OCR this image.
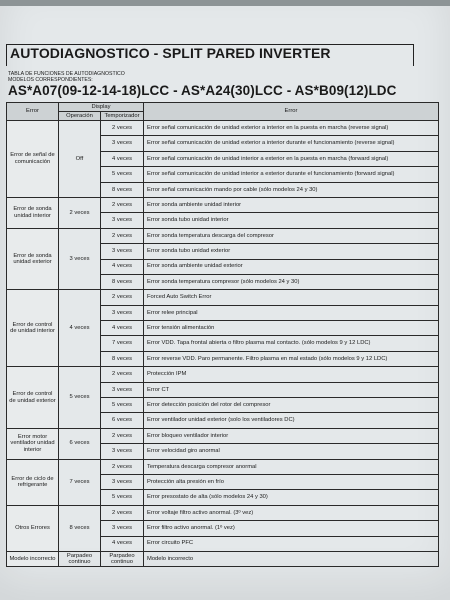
AUTODIAGNOSTICO - SPLIT PARED INVERTER
TABLA DE FUNCIONES DE AUTODIAGNOSTICO
MODELOS CORRESPONDIENTES:
AS*A07(09-12-14-18)LCC - AS*A24(30)LCC - AS*B09(12)LDC
Error	Display		Error
	Operación	Temporizador	
Error de señal de comunicación	Off	2 veces	Error señal comunicación de unidad exterior a interior en la puesta en marcha (reverse signal)
		3 veces	Error señal comunicación de unidad exterior a interior durante el funcionamiento (reverse signal)
		4 veces	Error señal comunicación de unidad interior a exterior en la puesta en marcha (forward signal)
		5 veces	Error señal comunicación de unidad interior a exterior durante el funcionamiento (forward signal)
		8 veces	Error señal comunicación mando por cable (sólo modelos 24 y 30)
Error de sonda unidad interior	2 veces	2 veces	Error sonda ambiente unidad interior
		3 veces	Error sonda tubo unidad interior
Error de sonda unidad exterior	3 veces	2 veces	Error sonda temperatura descarga del compresor
		3 veces	Error sonda tubo unidad exterior
		4 veces	Error sonda ambiente unidad exterior
		8 veces	Error sonda temperatura compresor (sólo modelos 24 y 30)
Error de control de unidad interior	4 veces	2 veces	Forced Auto Switch Error
		3 veces	Error relee principal
		4 veces	Error tensión alimentación
		7 veces	Error VDD. Tapa frontal abierta o filtro plasma mal contacto. (sólo modelos 9 y 12 LDC)
		8 veces	Error reverse VDD. Paro permanente. Filtro plasma en mal estado (sólo modelos 9 y 12 LDC)
Error de control de unidad exterior	5 veces	2 veces	Protección IPM
		3 veces	Error CT
		5 veces	Error detección posición del rotor del compresor
		6 veces	Error ventilador unidad exterior (solo los ventiladores DC)
Error motor ventilador unidad interior	6 veces	2 veces	Error bloqueo ventilador interior
		3 veces	Error velocidad giro anormal
Error de ciclo de refrigerante	7 veces	2 veces	Temperatura descarga compresor anormal
		3 veces	Protección alta presión en frío
		5 veces	Error presostato de alta (sólo modelos 24 y 30)
Otros Errores	8 veces	2 veces	Error voltaje filtro activo anormal. (3º vez)
		3 veces	Error filtro activo anormal. (1º vez)
		4 veces	Error circuito PFC
Modelo incorrecto	Parpadeo continuo	Parpadeo continuo	Modelo incorrecto
